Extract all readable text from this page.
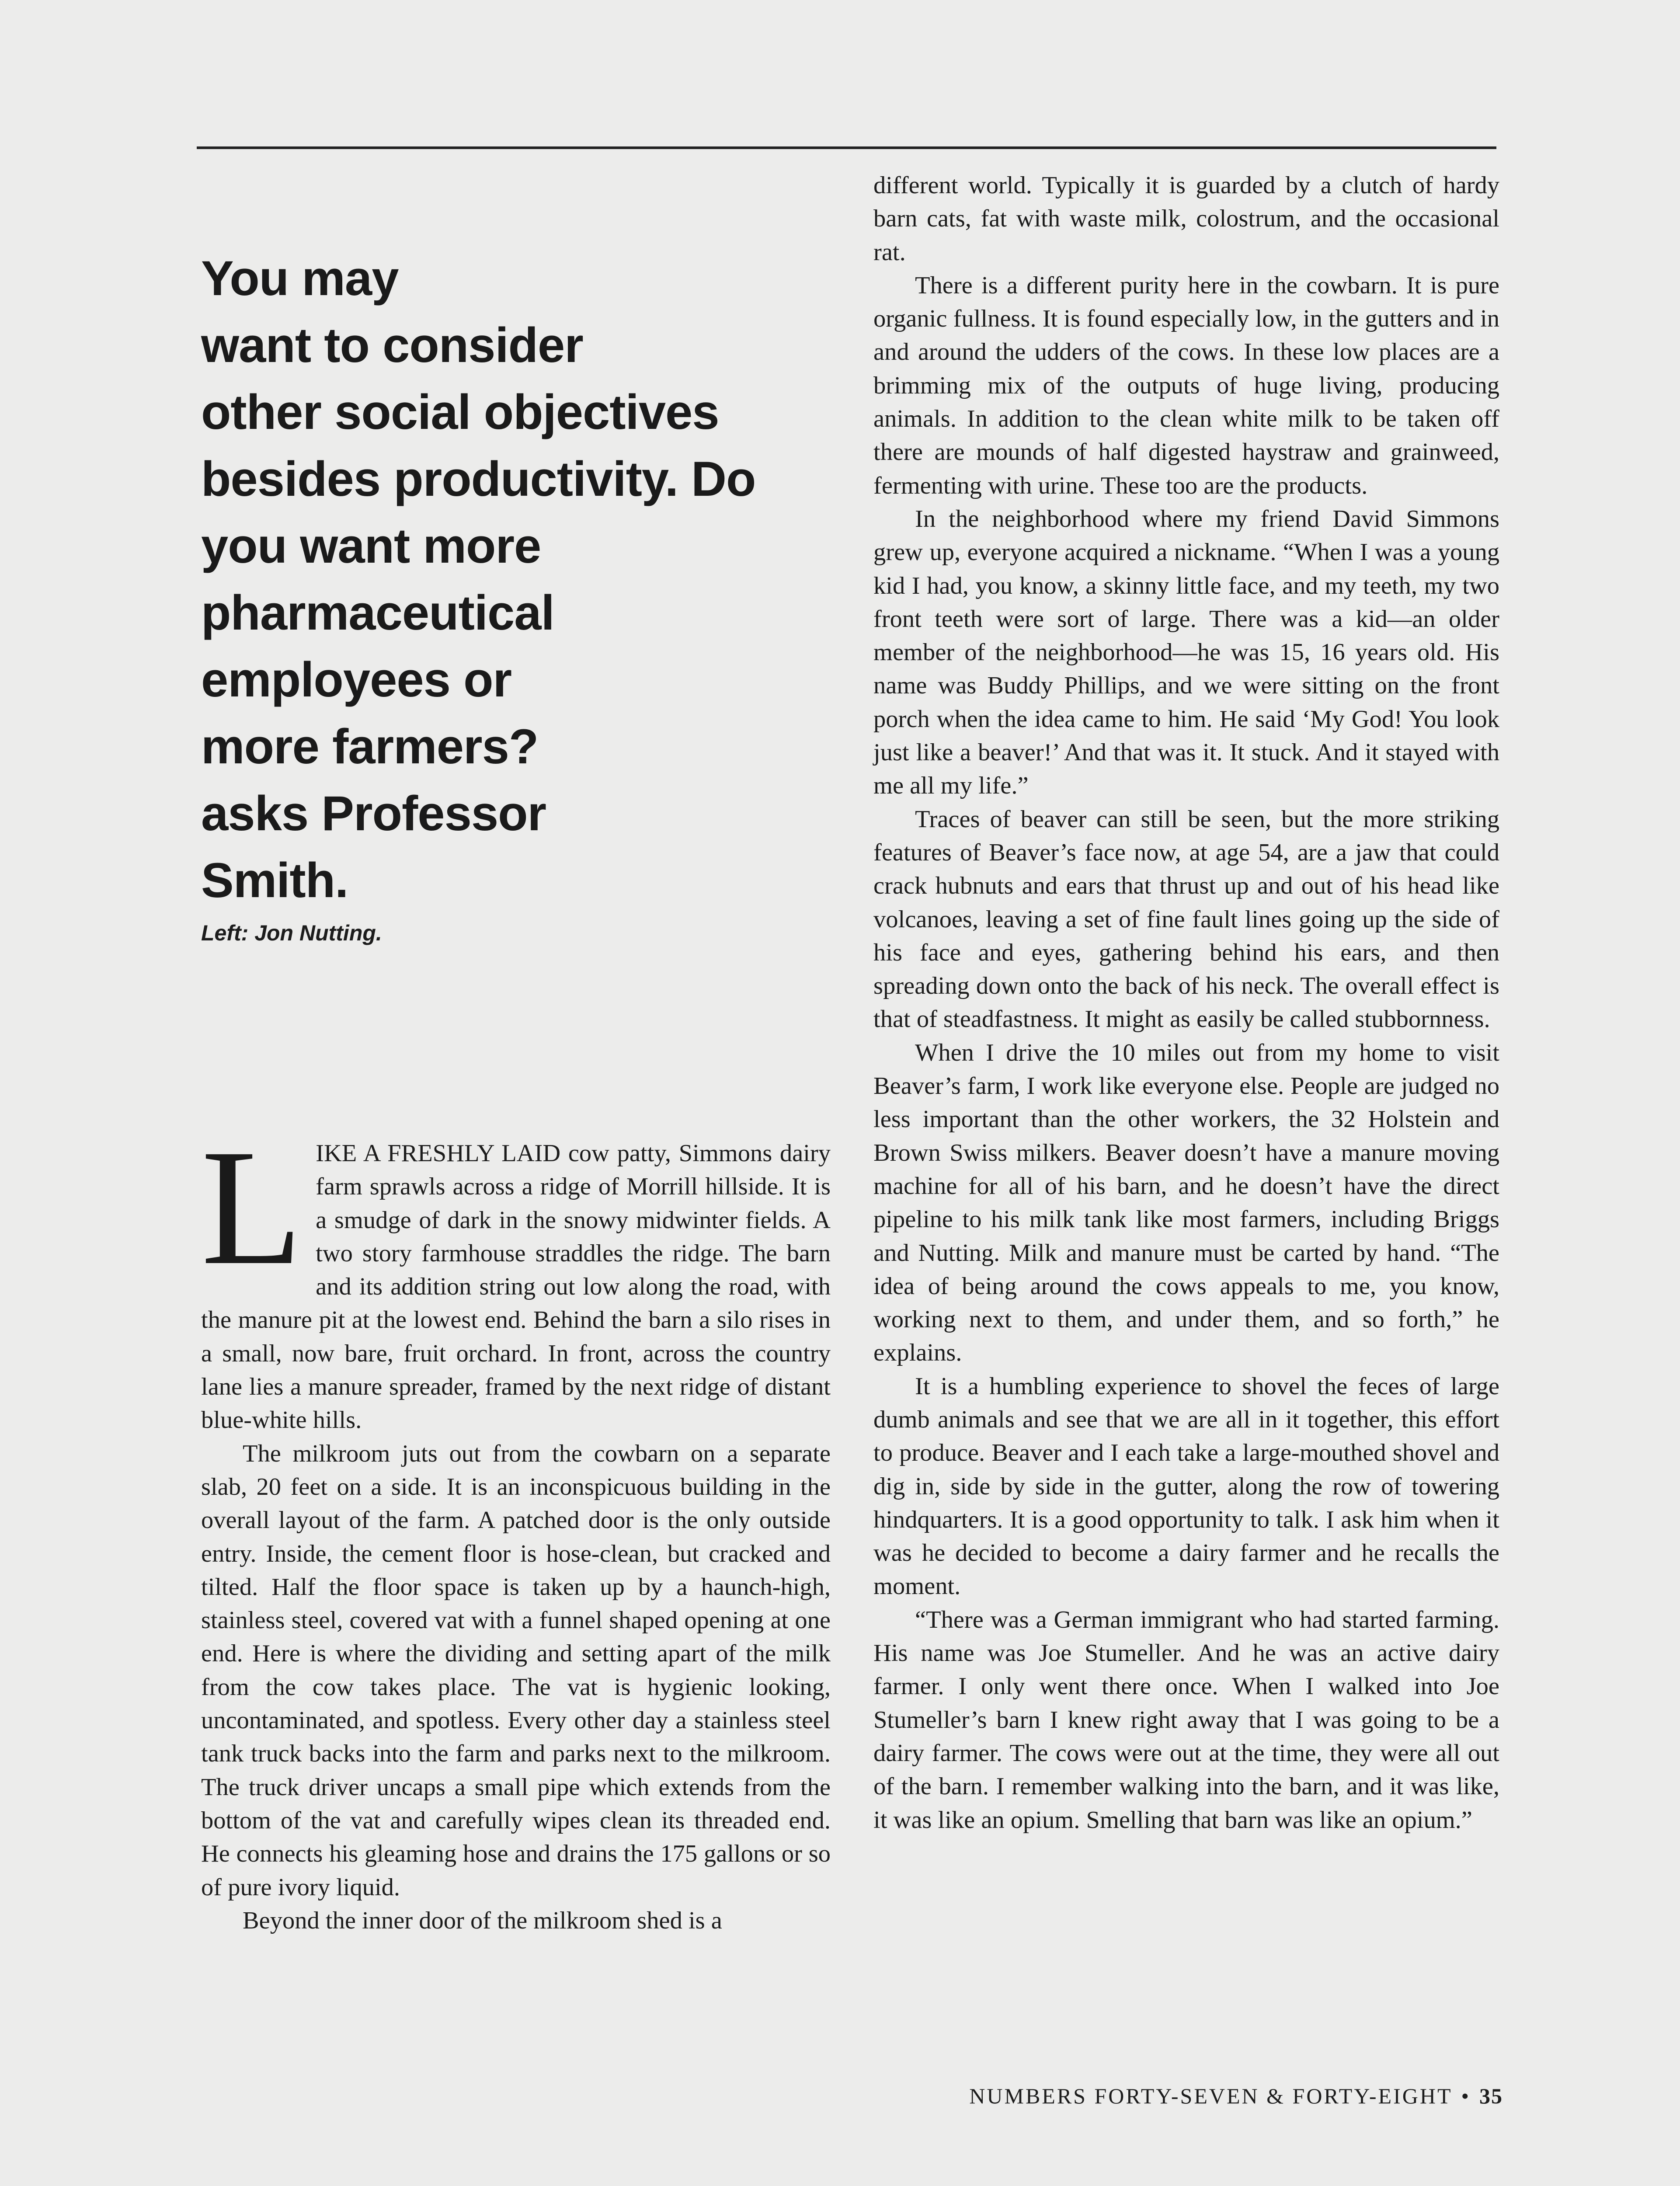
You may
want to consider
other social objectives
besides productivity. Do
you want more
pharmaceutical
employees or
more farmers?
asks Professor
Smith.
Left: Jon Nutting.
L IKE A FRESHLY LAID cow patty, Simmons dairy farm sprawls across a ridge of Morrill hillside. It is a smudge of dark in the snowy midwinter fields. A two story farmhouse straddles the ridge. The barn and its addition string out low along the road, with the manure pit at the lowest end. Behind the barn a silo rises in a small, now bare, fruit orchard. In front, across the country lane lies a manure spreader, framed by the next ridge of distant blue-white hills.

The milkroom juts out from the cowbarn on a separate slab, 20 feet on a side. It is an inconspicuous building in the overall layout of the farm. A patched door is the only outside entry. Inside, the cement floor is hose-clean, but cracked and tilted. Half the floor space is taken up by a haunch-high, stainless steel, covered vat with a funnel shaped opening at one end. Here is where the dividing and setting apart of the milk from the cow takes place. The vat is hygienic looking, uncontaminated, and spotless. Every other day a stainless steel tank truck backs into the farm and parks next to the milkroom. The truck driver uncaps a small pipe which extends from the bottom of the vat and carefully wipes clean its threaded end. He connects his gleaming hose and drains the 175 gallons or so of pure ivory liquid.

Beyond the inner door of the milkroom shed is a

different world. Typically it is guarded by a clutch of hardy barn cats, fat with waste milk, colostrum, and the occasional rat.

There is a different purity here in the cowbarn. It is pure organic fullness. It is found especially low, in the gutters and in and around the udders of the cows. In these low places are a brimming mix of the outputs of huge living, producing animals. In addition to the clean white milk to be taken off there are mounds of half digested haystraw and grainweed, fermenting with urine. These too are the products.

In the neighborhood where my friend David Simmons grew up, everyone acquired a nickname. “When I was a young kid I had, you know, a skinny little face, and my teeth, my two front teeth were sort of large. There was a kid—an older member of the neighborhood—he was 15, 16 years old. His name was Buddy Phillips, and we were sitting on the front porch when the idea came to him. He said ‘My God! You look just like a beaver!’ And that was it. It stuck. And it stayed with me all my life.”

Traces of beaver can still be seen, but the more striking features of Beaver’s face now, at age 54, are a jaw that could crack hubnuts and ears that thrust up and out of his head like volcanoes, leaving a set of fine fault lines going up the side of his face and eyes, gathering behind his ears, and then spreading down onto the back of his neck. The overall effect is that of steadfastness. It might as easily be called stubbornness.

When I drive the 10 miles out from my home to visit Beaver’s farm, I work like everyone else. People are judged no less important than the other workers, the 32 Holstein and Brown Swiss milkers. Beaver doesn’t have a manure moving machine for all of his barn, and he doesn’t have the direct pipeline to his milk tank like most farmers, including Briggs and Nutting. Milk and manure must be carted by hand. “The idea of being around the cows appeals to me, you know, working next to them, and under them, and so forth,” he explains.

It is a humbling experience to shovel the feces of large dumb animals and see that we are all in it together, this effort to produce. Beaver and I each take a large-mouthed shovel and dig in, side by side in the gutter, along the row of towering hindquarters. It is a good opportunity to talk. I ask him when it was he decided to become a dairy farmer and he recalls the moment.

“There was a German immigrant who had started farming. His name was Joe Stumeller. And he was an active dairy farmer. I only went there once. When I walked into Joe Stumeller’s barn I knew right away that I was going to be a dairy farmer. The cows were out at the time, they were all out of the barn. I remember walking into the barn, and it was like, it was like an opium. Smelling that barn was like an opium.”

NUMBERS FORTY-SEVEN & FORTY-EIGHT • 35
